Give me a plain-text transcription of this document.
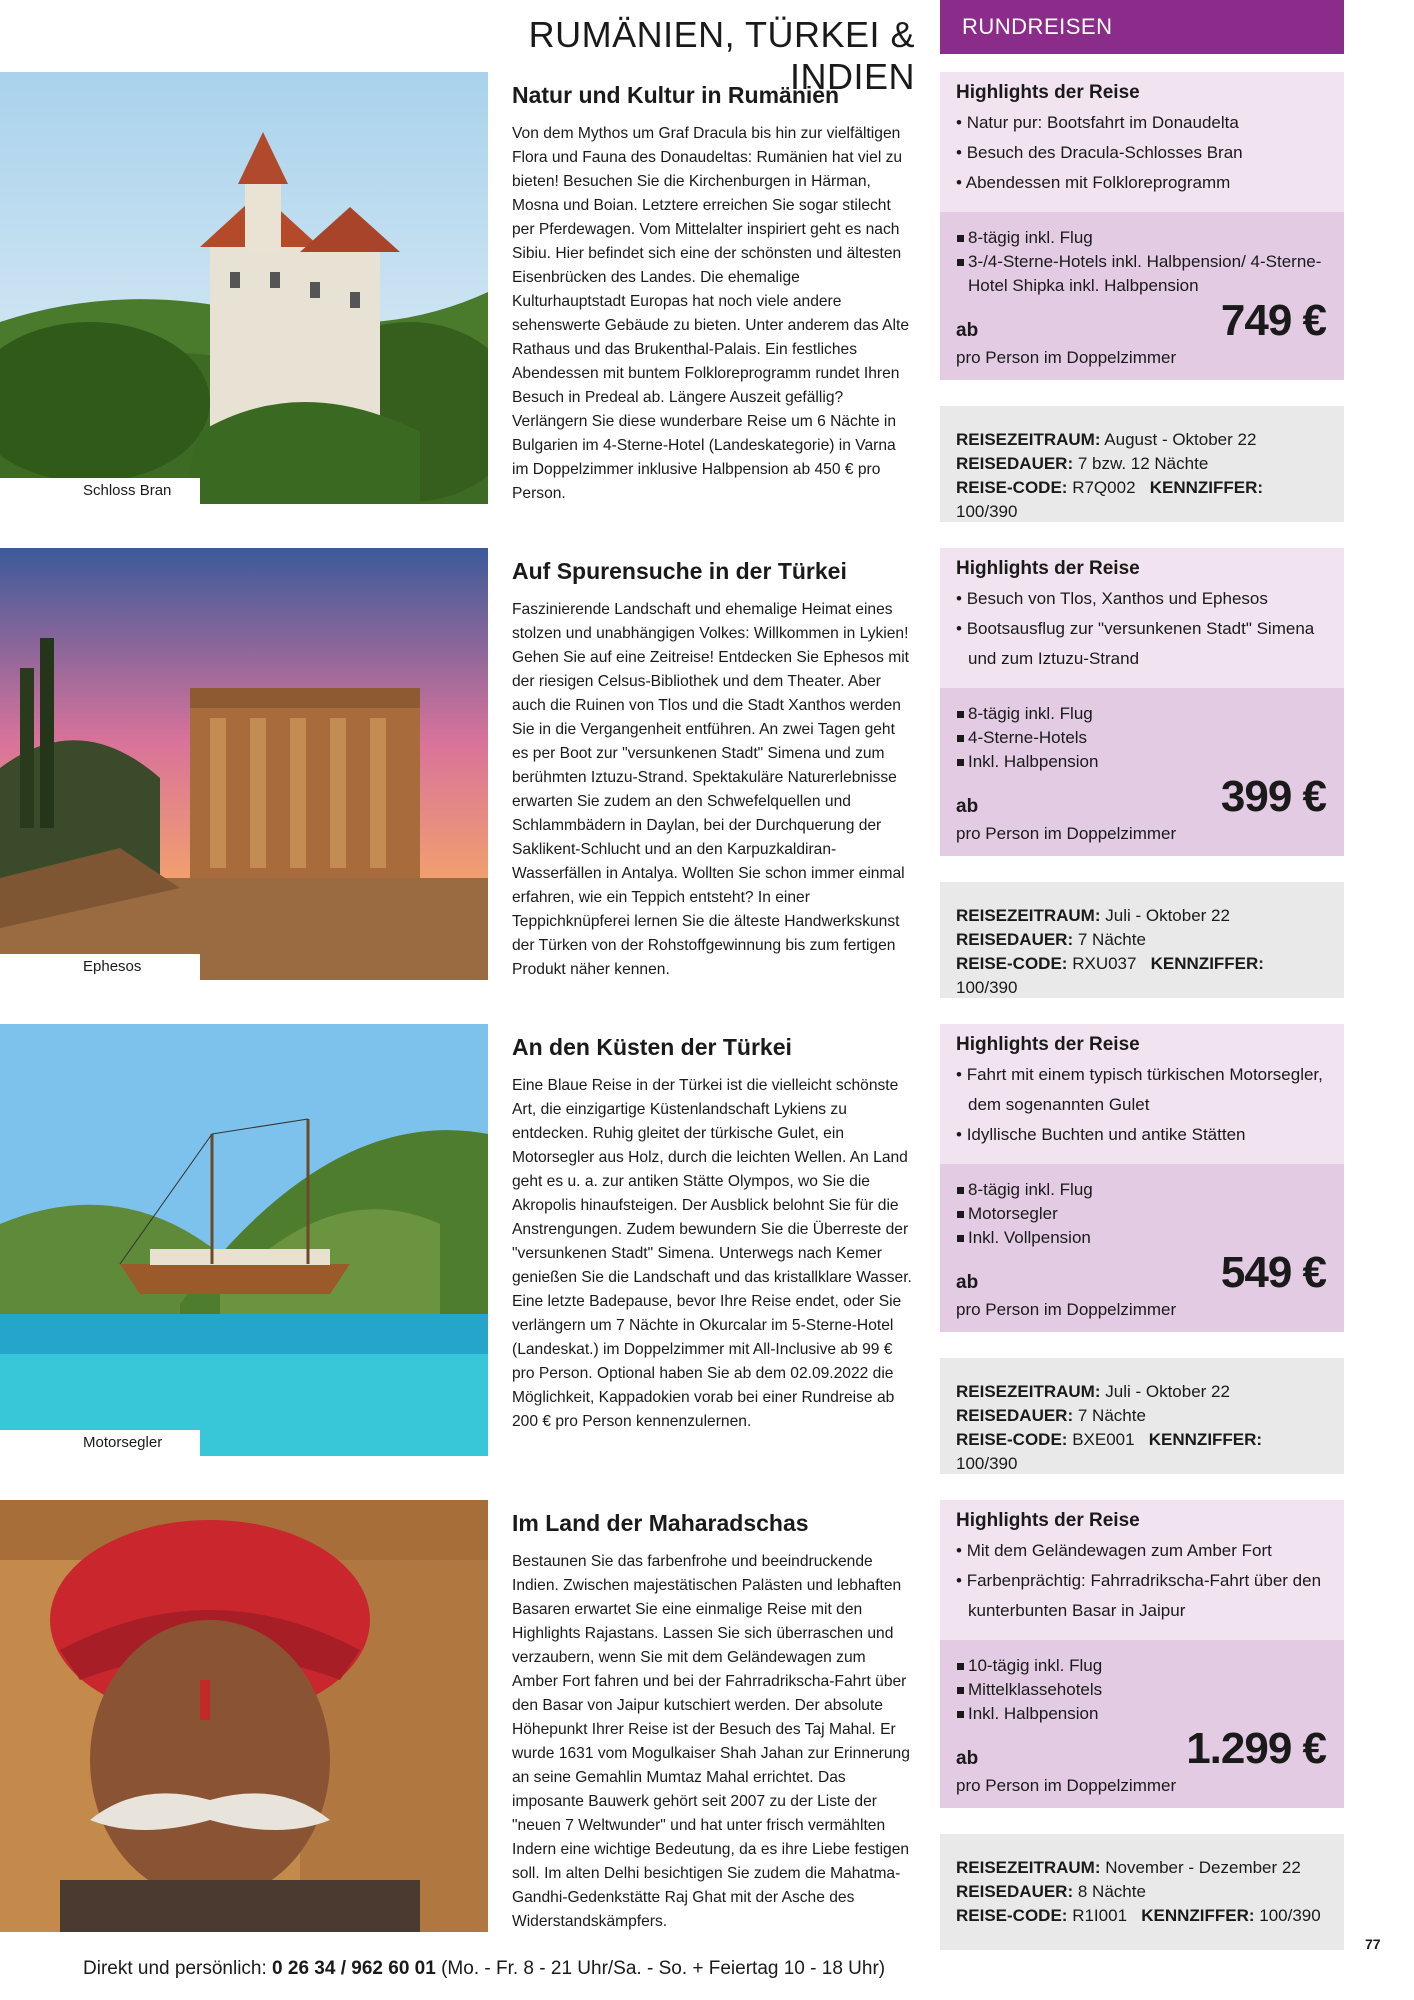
RUMÄNIEN, TÜRKEI & INDIEN
RUNDREISEN
Schloss Bran
Natur und Kultur in Rumänien

Von dem Mythos um Graf Dracula bis hin zur vielfältigen Flora und Fauna des Donaudeltas: Rumänien hat viel zu bieten! Besuchen Sie die Kirchenburgen in Härman, Mosna und Boian. Letztere erreichen Sie sogar stilecht per Pferdewagen. Vom Mittelalter inspiriert geht es nach Sibiu. Hier befindet sich eine der schönsten und ältesten Eisenbrücken des Landes. Die ehemalige Kulturhauptstadt Europas hat noch viele andere sehenswerte Gebäude zu bieten. Unter anderem das Alte Rathaus und das Brukenthal-Palais. Ein festliches Abendessen mit buntem Folkloreprogramm rundet Ihren Besuch in Predeal ab. Längere Auszeit gefällig? Verlängern Sie diese wunderbare Reise um 6 Nächte in Bulgarien im 4-Sterne-Hotel (Landeskategorie) in Varna im Doppelzimmer inklusive Halbpension ab 450 € pro Person.

Highlights der Reise
• Natur pur: Bootsfahrt im Donaudelta
• Besuch des Dracula-Schlosses Bran
• Abendessen mit Folkloreprogramm
8-tägig inkl. Flug
3-/4-Sterne-Hotels inkl. Halbpension/ 4-Sterne-Hotel Shipka inkl. Halbpension
ab	749 €
pro Person im Doppelzimmer
REISEZEITRAUM: August - Oktober 22
REISEDAUER: 7 bzw. 12 Nächte
REISE-CODE: R7Q002 KENNZIFFER: 100/390
Ephesos
Auf Spurensuche in der Türkei

Faszinierende Landschaft und ehemalige Heimat eines stolzen und unabhängigen Volkes: Willkommen in Lykien! Gehen Sie auf eine Zeitreise! Entdecken Sie Ephesos mit der riesigen Celsus-Bibliothek und dem Theater. Aber auch die Ruinen von Tlos und die Stadt Xanthos werden Sie in die Vergangenheit entführen. An zwei Tagen geht es per Boot zur "versunkenen Stadt" Simena und zum berühmten Iztuzu-Strand. Spektakuläre Naturerlebnisse erwarten Sie zudem an den Schwefelquellen und Schlammbädern in Daylan, bei der Durchquerung der Saklikent-Schlucht und an den Karpuzkaldiran-Wasserfällen in Antalya. Wollten Sie schon immer einmal erfahren, wie ein Teppich entsteht? In einer Teppichknüpferei lernen Sie die älteste Handwerkskunst der Türken von der Rohstoffgewinnung bis zum fertigen Produkt näher kennen.

Highlights der Reise
• Besuch von Tlos, Xanthos und Ephesos
• Bootsausflug zur "versunkenen Stadt" Simena und zum Iztuzu-Strand
8-tägig inkl. Flug
4-Sterne-Hotels
Inkl. Halbpension
ab	399 €
pro Person im Doppelzimmer
REISEZEITRAUM: Juli - Oktober 22
REISEDAUER: 7 Nächte
REISE-CODE: RXU037 KENNZIFFER: 100/390
Motorsegler
An den Küsten der Türkei

Eine Blaue Reise in der Türkei ist die vielleicht schönste Art, die einzigartige Küstenlandschaft Lykiens zu entdecken. Ruhig gleitet der türkische Gulet, ein Motorsegler aus Holz, durch die leichten Wellen. An Land geht es u. a. zur antiken Stätte Olympos, wo Sie die Akropolis hinaufsteigen. Der Ausblick belohnt Sie für die Anstrengungen. Zudem bewundern Sie die Überreste der "versunkenen Stadt" Simena. Unterwegs nach Kemer genießen Sie die Landschaft und das kristallklare Wasser. Eine letzte Badepause, bevor Ihre Reise endet, oder Sie verlängern um 7 Nächte in Okurcalar im 5-Sterne-Hotel (Landeskat.) im Doppelzimmer mit All-Inclusive ab 99 € pro Person. Optional haben Sie ab dem 02.09.2022 die Möglichkeit, Kappadokien vorab bei einer Rundreise ab 200 € pro Person kennenzulernen.

Highlights der Reise
• Fahrt mit einem typisch türkischen Motorsegler, dem sogenannten Gulet
• Idyllische Buchten und antike Stätten
8-tägig inkl. Flug
Motorsegler
Inkl. Vollpension
ab	549 €
pro Person im Doppelzimmer
REISEZEITRAUM: Juli - Oktober 22
REISEDAUER: 7 Nächte
REISE-CODE: BXE001 KENNZIFFER: 100/390
Im Land der Maharadschas

Bestaunen Sie das farbenfrohe und beeindruckende Indien. Zwischen majestätischen Palästen und lebhaften Basaren erwartet Sie eine einmalige Reise mit den Highlights Rajastans. Lassen Sie sich überraschen und verzaubern, wenn Sie mit dem Geländewagen zum Amber Fort fahren und bei der Fahrradrikscha-Fahrt über den Basar von Jaipur kutschiert werden. Der absolute Höhepunkt Ihrer Reise ist der Besuch des Taj Mahal. Er wurde 1631 vom Mogulkaiser Shah Jahan zur Erinnerung an seine Gemahlin Mumtaz Mahal errichtet. Das imposante Bauwerk gehört seit 2007 zu der Liste der "neuen 7 Weltwunder" und hat unter frisch vermählten Indern eine wichtige Bedeutung, da es ihre Liebe festigen soll. Im alten Delhi besichtigen Sie zudem die Mahatma-Gandhi-Gedenkstätte Raj Ghat mit der Asche des Widerstandskämpfers.

Highlights der Reise
• Mit dem Geländewagen zum Amber Fort
• Farbenprächtig: Fahrradrikscha-Fahrt über den kunterbunten Basar in Jaipur
10-tägig inkl. Flug
Mittelklassehotels
Inkl. Halbpension
ab	1.299 €
pro Person im Doppelzimmer
REISEZEITRAUM: November - Dezember 22
REISEDAUER: 8 Nächte
REISE-CODE: R1I001 KENNZIFFER: 100/390
Direkt und persönlich: 0 26 34 / 962 60 01 (Mo. - Fr. 8 - 21 Uhr/Sa. - So. + Feiertag 10 - 18 Uhr)
77
